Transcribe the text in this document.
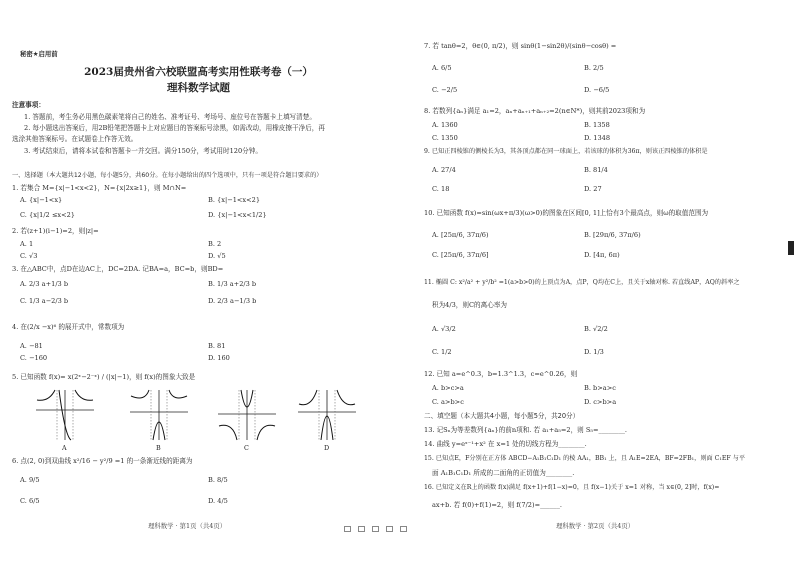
秘密★启用前
2023届贵州省六校联盟高考实用性联考卷（一）
理科数学试题
注意事项：
1. 答题前，考生务必用黑色碳素笔将自己的姓名、准考证号、考场号、座位号在答题卡上填写清楚。
2. 每小题选出答案后，用2B铅笔把答题卡上对应题目的答案标号涂黑，如需改动，用橡皮擦干净后，再
选涂其他答案标号。在试题卷上作答无效。
3. 考试结束后，请将本试卷和答题卡一并交回。满分150分，考试用时120分钟。
一、选择题（本大题共12小题，每小题5分，共60分。在每小题给出的四个选项中，只有一项是符合题目要求的）
1. 若集合 M={x|−1<x<2}，N={x|2x≥1}，则 M∩N=
A. {x|−1<x}	B. {x|−1<x<2}
C. {x|1/2 ≤x<2}	D. {x|−1<x<1/2}
2. 若(z+1)(i−1)=2，则|z|=
A. 1	B. 2
C. √3	D. √5
3. 在△ABC中，点D在边AC上，DC=2DA. 记BA=a，BC=b，则BD=
A. 2/3 a+1/3 b	B. 1/3 a+2/3 b
C. 1/3 a−2/3 b	D. 2/3 a−1/3 b
4. 在(2/x −x)⁶ 的展开式中，常数项为
A. −81	B. 81
C. −160	D. 160
5. 已知函数 f(x)= x(2ˣ−2⁻ˣ) / (|x|−1)，则 f(x)的图象大致是
A	B	C	D
6. 点(2, 0)到双曲线 x²/16 − y²/9 =1 的一条渐近线的距离为
A. 9/5	B. 8/5
C. 6/5	D. 4/5
理科数学 · 第1页（共4页）
7. 若 tanθ=2，θ∈(0, π/2)，则 sinθ(1−sin2θ)/(sinθ−cosθ) =
A. 6/5	B. 2/5
C. −2/5	D. −6/5
8. 若数列{aₙ}满足 a₁=2，aₙ+aₙ₊₁+aₙ₊₂=2(n∈N*)，则其前2023项和为
A. 1360	B. 1358
C. 1350	D. 1348
9. 已知正四棱锥的侧棱长为3，其各顶点都在同一球面上，若该球的体积为36π，则该正四棱锥的体积是
A. 27/4	B. 81/4
C. 18	D. 27
10. 已知函数 f(x)=sin(ωx+π/3)(ω>0)的图象在区间[0, 1]上恰有3个最高点，则ω的取值范围为
A. [25π/6, 37π/6)	B. [29π/6, 37π/6)
C. [25π/6, 37π/6]	D. [4π, 6π)
11. 椭圆 C: x²/a² + y²/b² =1(a>b>0)的上顶点为A，点P，Q均在C上，且关于x轴对称. 若直线AP，AQ的斜率之
积为4/3，则C的离心率为
A. √3/2	B. √2/2
C. 1/2	D. 1/3
12. 已知 a=e^0.3，b=1.3^1.3，c=e^0.26，则
A. b>c>a	B. b>a>c
C. a>b>c	D. c>b>a
二、填空题（本大题共4小题，每小题5分，共20分）
13. 记Sₙ为等差数列{aₙ}的前n项和. 若 a₁+a₅=2，则 S₅=________.
14. 曲线 y=eˣ⁻¹+x² 在 x=1 处的切线方程为________.
15. 已知点E，F分别在正方体 ABCD−A₁B₁C₁D₁ 的棱 AA₁，BB₁ 上，且 A₁E=2EA，BF=2FB₁，则面 C₁EF 与平
面 A₁B₁C₁D₁ 所成的二面角的正切值为________.
16. 已知定义在R上的函数 f(x)满足 f(x+1)+f(1−x)=0，且 f(x−1)关于 x=1 对称，当 x∈(0, 2]时，f(x)=
ax+b. 若 f(0)+f(1)=2，则 f(7/2)=______.
理科数学 · 第2页（共4页）
